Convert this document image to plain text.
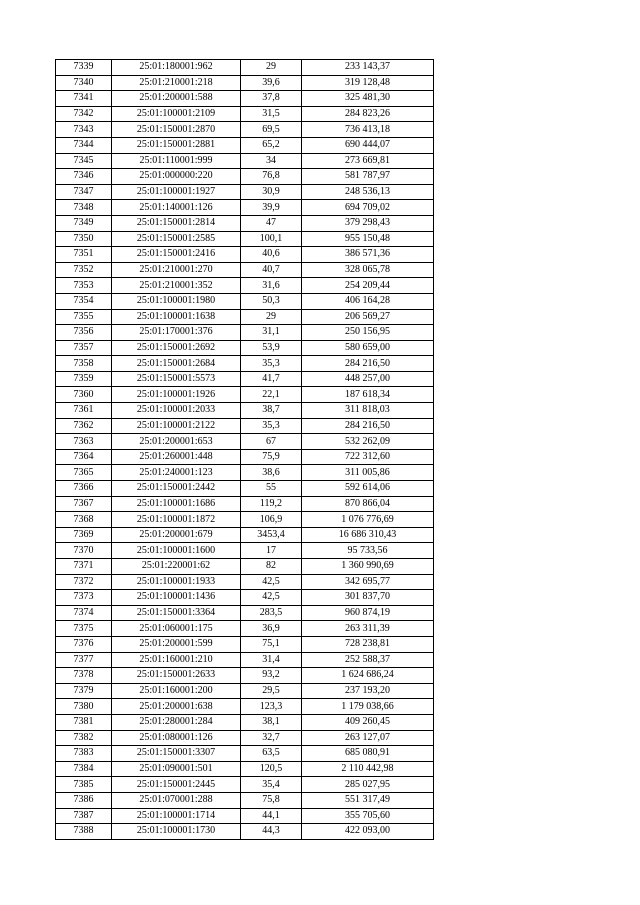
7339	25:01:180001:962	29	233 143,37
7340	25:01:210001:218	39,6	319 128,48
7341	25:01:200001:588	37,8	325 481,30
7342	25:01:100001:2109	31,5	284 823,26
7343	25:01:150001:2870	69,5	736 413,18
7344	25:01:150001:2881	65,2	690 444,07
7345	25:01:110001:999	34	273 669,81
7346	25:01:000000:220	76,8	581 787,97
7347	25:01:100001:1927	30,9	248 536,13
7348	25:01:140001:126	39,9	694 709,02
7349	25:01:150001:2814	47	379 298,43
7350	25:01:150001:2585	100,1	955 150,48
7351	25:01:150001:2416	40,6	386 571,36
7352	25:01:210001:270	40,7	328 065,78
7353	25:01:210001:352	31,6	254 209,44
7354	25:01:100001:1980	50,3	406 164,28
7355	25:01:100001:1638	29	206 569,27
7356	25:01:170001:376	31,1	250 156,95
7357	25:01:150001:2692	53,9	580 659,00
7358	25:01:150001:2684	35,3	284 216,50
7359	25:01:150001:5573	41,7	448 257,00
7360	25:01:100001:1926	22,1	187 618,34
7361	25:01:100001:2033	38,7	311 818,03
7362	25:01:100001:2122	35,3	284 216,50
7363	25:01:200001:653	67	532 262,09
7364	25:01:260001:448	75,9	722 312,60
7365	25:01:240001:123	38,6	311 005,86
7366	25:01:150001:2442	55	592 614,06
7367	25:01:100001:1686	119,2	870 866,04
7368	25:01:100001:1872	106,9	1 076 776,69
7369	25:01:200001:679	3453,4	16 686 310,43
7370	25:01:100001:1600	17	95 733,56
7371	25:01:220001:62	82	1 360 990,69
7372	25:01:100001:1933	42,5	342 695,77
7373	25:01:100001:1436	42,5	301 837,70
7374	25:01:150001:3364	283,5	960 874,19
7375	25:01:060001:175	36,9	263 311,39
7376	25:01:200001:599	75,1	728 238,81
7377	25:01:160001:210	31,4	252 588,37
7378	25:01:150001:2633	93,2	1 624 686,24
7379	25:01:160001:200	29,5	237 193,20
7380	25:01:200001:638	123,3	1 179 038,66
7381	25:01:280001:284	38,1	409 260,45
7382	25:01:080001:126	32,7	263 127,07
7383	25:01:150001:3307	63,5	685 080,91
7384	25:01:090001:501	120,5	2 110 442,98
7385	25:01:150001:2445	35,4	285 027,95
7386	25:01:070001:288	75,8	551 317,49
7387	25:01:100001:1714	44,1	355 705,60
7388	25:01:100001:1730	44,3	422 093,00
